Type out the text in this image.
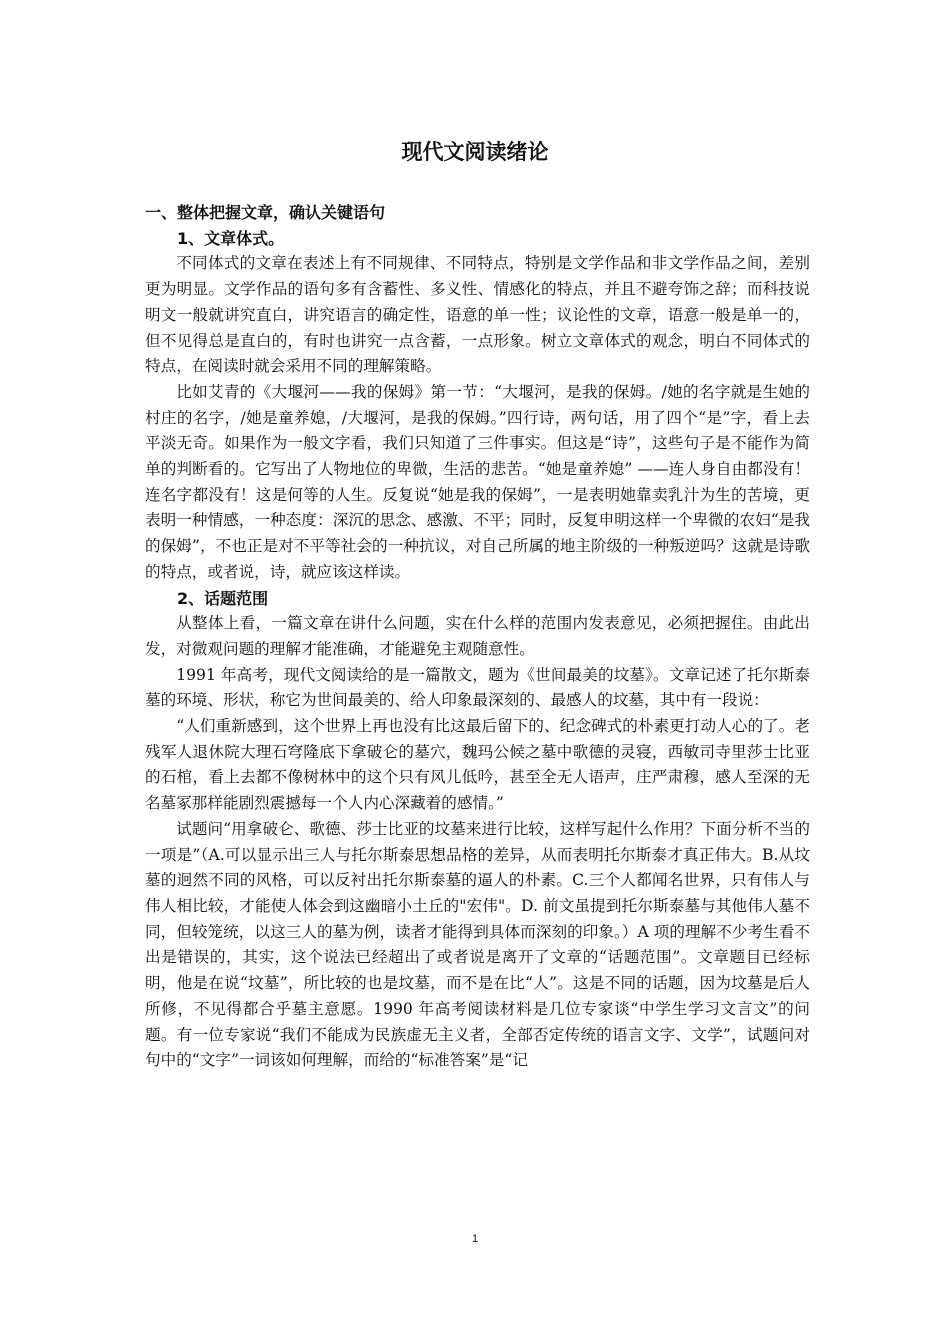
现代文阅读绪论

一、整体把握文章，确认关键语句

1、文章体式。

不同体式的文章在表述上有不同规律、不同特点，特别是文学作品和非文学作品之间，差别更为明显。文学作品的语句多有含蓄性、多义性、情感化的特点，并且不避夸饰之辞；而科技说明文一般就讲究直白，讲究语言的确定性，语意的单一性；议论性的文章，语意一般是单一的，但不见得总是直白的，有时也讲究一点含蓄，一点形象。树立文章体式的观念，明白不同体式的特点，在阅读时就会采用不同的理解策略。

比如艾青的《大堰河——我的保姆》第一节：“大堰河，是我的保姆。/她的名字就是生她的村庄的名字，/她是童养媳，/大堰河，是我的保姆。”四行诗，两句话，用了四个“是”字，看上去平淡无奇。如果作为一般文字看，我们只知道了三件事实。但这是“诗”，这些句子是不能作为简单的判断看的。它写出了人物地位的卑微，生活的悲苦。“她是童养媳” ——连人身自由都没有！连名字都没有！这是何等的人生。反复说“她是我的保姆”，一是表明她靠卖乳汁为生的苦境，更表明一种情感，一种态度：深沉的思念、感激、不平；同时，反复申明这样一个卑微的农妇“是我的保姆”，不也正是对不平等社会的一种抗议，对自己所属的地主阶级的一种叛逆吗？这就是诗歌的特点，或者说，诗，就应该这样读。

2、话题范围

从整体上看，一篇文章在讲什么问题，实在什么样的范围内发表意见，必须把握住。由此出发，对微观问题的理解才能准确，才能避免主观随意性。

1991 年高考，现代文阅读给的是一篇散文，题为《世间最美的坟墓》。文章记述了托尔斯泰墓的环境、形状，称它为世间最美的、给人印象最深刻的、最感人的坟墓，其中有一段说：

“人们重新感到，这个世界上再也没有比这最后留下的、纪念碑式的朴素更打动人心的了。老残军人退休院大理石穹隆底下拿破仑的墓穴，魏玛公候之墓中歌德的灵寝，西敏司寺里莎士比亚的石棺，看上去都不像树林中的这个只有风儿低吟，甚至全无人语声，庄严肃穆，感人至深的无名墓冢那样能剧烈震撼每一个人内心深藏着的感情。”

试题问“用拿破仑、歌德、莎士比亚的坟墓来进行比较，这样写起什么作用？下面分析不当的一项是”（A.可以显示出三人与托尔斯泰思想品格的差异，从而表明托尔斯泰才真正伟大。B.从坟墓的迥然不同的风格，可以反衬出托尔斯泰墓的逼人的朴素。C.三个人都闻名世界，只有伟人与伟人相比较，才能使人体会到这幽暗小土丘的"宏伟"。D. 前文虽提到托尔斯泰墓与其他伟人墓不同，但较笼统，以这三人的墓为例，读者才能得到具体而深刻的印象。）A 项的理解不少考生看不出是错误的，其实，这个说法已经超出了或者说是离开了文章的“话题范围”。文章题目已经标明，他是在说“坟墓”，所比较的也是坟墓，而不是在比“人”。这是不同的话题，因为坟墓是后人所修，不见得都合乎墓主意愿。1990 年高考阅读材料是几位专家谈“中学生学习文言文”的问题。有一位专家说“我们不能成为民族虚无主义者，全部否定传统的语言文字、文学”，试题问对句中的“文字”一词该如何理解，而给的“标准答案”是“记

1
